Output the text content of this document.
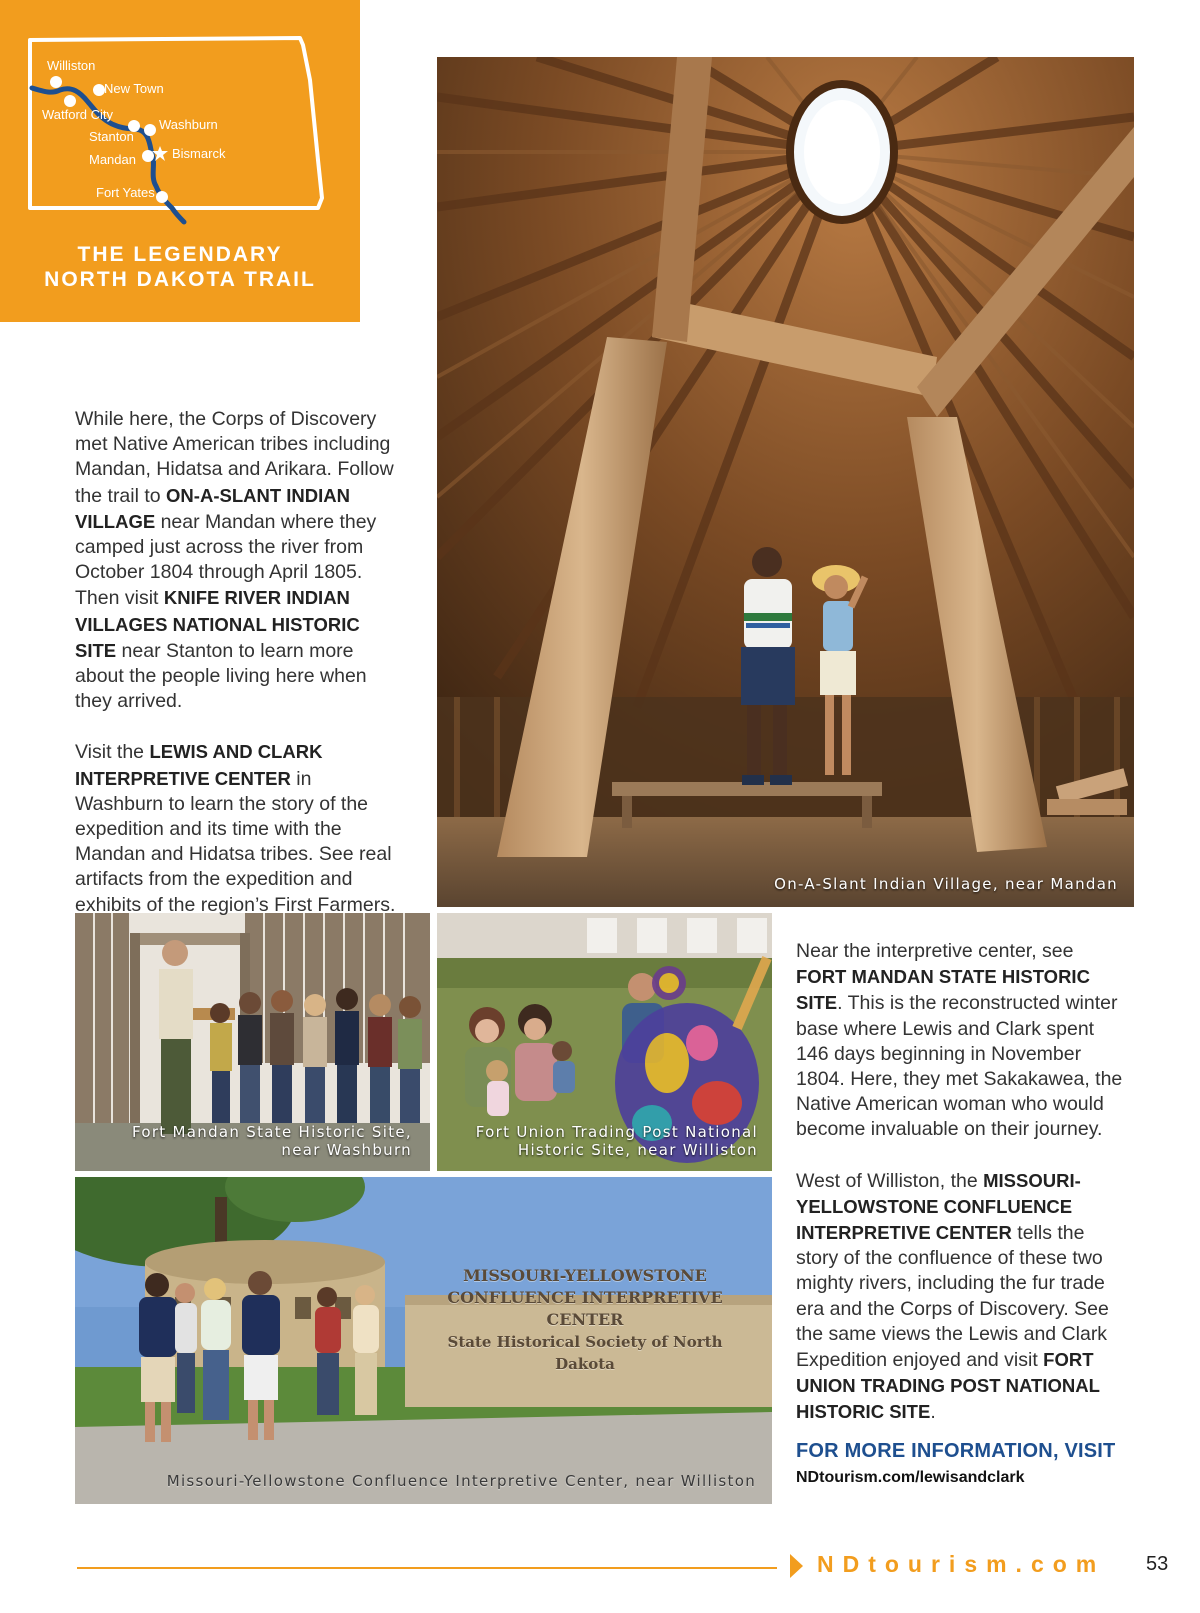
Williston
New Town
Watford City
Washburn
Stanton
Bismarck
Mandan
Fort Yates
THE LEGENDARY
NORTH DAKOTA TRAIL
On-A-Slant Indian Village, near Mandan
Fort Mandan State Historic Site,
near Washburn
Fort Union Trading Post National
Historic Site, near Williston
MISSOURI-YELLOWSTONE
CONFLUENCE INTERPRETIVE CENTER
State Historical Society of North Dakota
Missouri-Yellowstone Confluence Interpretive Center, near Williston

While here, the Corps of Discovery met Native American tribes including Mandan, Hidatsa and Arikara. Follow the trail to ON-A-SLANT INDIAN VILLAGE near Mandan where they camped just across the river from October 1804 through April 1805. Then visit KNIFE RIVER INDIAN VILLAGES NATIONAL HISTORIC SITE near Stanton to learn more about the people living here when they arrived.

Visit the LEWIS AND CLARK INTERPRETIVE CENTER in Washburn to learn the story of the expedition and its time with the Mandan and Hidatsa tribes. See real artifacts from the expedition and exhibits of the region’s First Farmers.

Near the interpretive center, see FORT MANDAN STATE HISTORIC SITE. This is the reconstructed winter base where Lewis and Clark spent 146 days beginning in November 1804. Here, they met Sakakawea, the Native American woman who would become invaluable on their journey.

West of Williston, the MISSOURI-YELLOWSTONE CONFLUENCE INTERPRETIVE CENTER tells the story of the confluence of these two mighty rivers, including the fur trade era and the Corps of Discovery. See the same views the Lewis and Clark Expedition enjoyed and visit FORT UNION TRADING POST NATIONAL HISTORIC SITE.

FOR MORE INFORMATION, VISIT
NDtourism.com/lewisandclark
NDtourism.com 53
